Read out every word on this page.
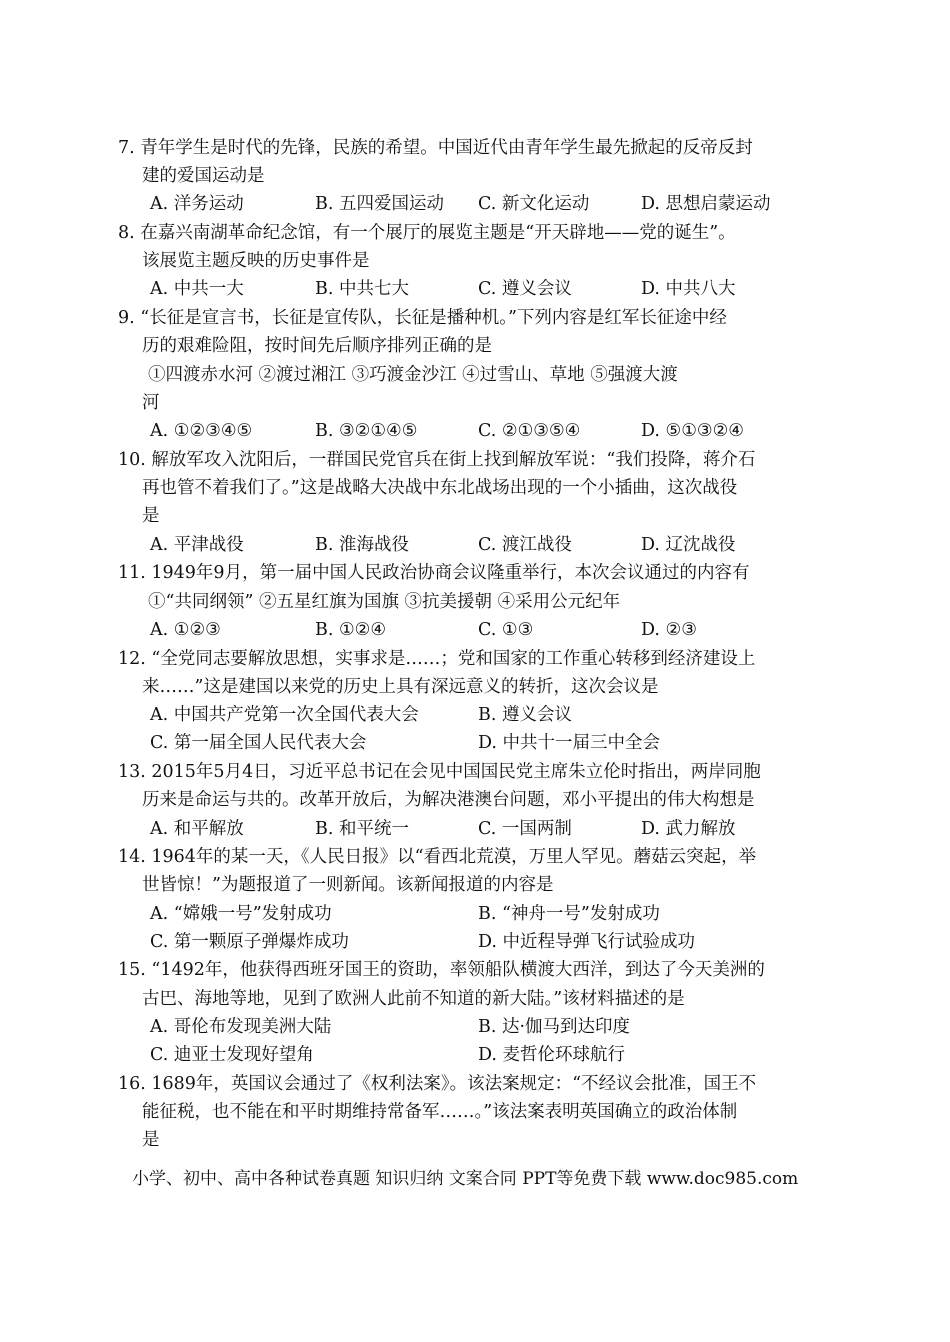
7. 青年学生是时代的先锋，民族的希望。中国近代由青年学生最先掀起的反帝反封
建的爱国运动是
A. 洋务运动	B. 五四爱国运动 C. 新文化运动	D. 思想启蒙运动
8. 在嘉兴南湖革命纪念馆，有一个展厅的展览主题是“开天辟地——党的诞生”。
该展览主题反映的历史事件是
A. 中共一大	B. 中共七大	C. 遵义会议	D. 中共八大
9. “长征是宣言书，长征是宣传队，长征是播种机。”下列内容是红军长征途中经
历的艰难险阻，按时间先后顺序排列正确的是
①四渡赤水河 ②渡过湘江 ③巧渡金沙江 ④过雪山、草地 ⑤强渡大渡
河
A. ①②③④⑤	B. ③②①④⑤	C. ②①③⑤④	D. ⑤①③②④
10. 解放军攻入沈阳后，一群国民党官兵在街上找到解放军说：“我们投降，蒋介石
再也管不着我们了。”这是战略大决战中东北战场出现的一个小插曲，这次战役
是
A. 平津战役	B. 淮海战役	C. 渡江战役	D. 辽沈战役
11. 1949年9月，第一届中国人民政治协商会议隆重举行，本次会议通过的内容有
①“共同纲领” ②五星红旗为国旗 ③抗美援朝 ④采用公元纪年
A. ①②③	B. ①②④	C. ①③	D. ②③
12. “全党同志要解放思想，实事求是……；党和国家的工作重心转移到经济建设上
来……”这是建国以来党的历史上具有深远意义的转折，这次会议是
A. 中国共产党第一次全国代表大会	B. 遵义会议
C. 第一届全国人民代表大会	D. 中共十一届三中全会
13. 2015年5月4日，习近平总书记在会见中国国民党主席朱立伦时指出，两岸同胞
历来是命运与共的。改革开放后，为解决港澳台问题，邓小平提出的伟大构想是
A. 和平解放	B. 和平统一	C. 一国两制	D. 武力解放
14. 1964年的某一天，《人民日报》以“看西北荒漠，万里人罕见。蘑菇云突起，举
世皆惊！”为题报道了一则新闻。该新闻报道的内容是
A. “嫦娥一号”发射成功	B. “神舟一号”发射成功
C. 第一颗原子弹爆炸成功	D. 中近程导弹飞行试验成功
15. “1492年，他获得西班牙国王的资助，率领船队横渡大西洋，到达了今天美洲的
古巴、海地等地，见到了欧洲人此前不知道的新大陆。”该材料描述的是
A. 哥伦布发现美洲大陆	B. 达·伽马到达印度
C. 迪亚士发现好望角	D. 麦哲伦环球航行
16. 1689年，英国议会通过了《权利法案》。该法案规定：“不经议会批准，国王不
能征税，也不能在和平时期维持常备军……。”该法案表明英国确立的政治体制
是
小学、初中、高中各种试卷真题 知识归纳 文案合同 PPT等免费下载 www.doc985.com
